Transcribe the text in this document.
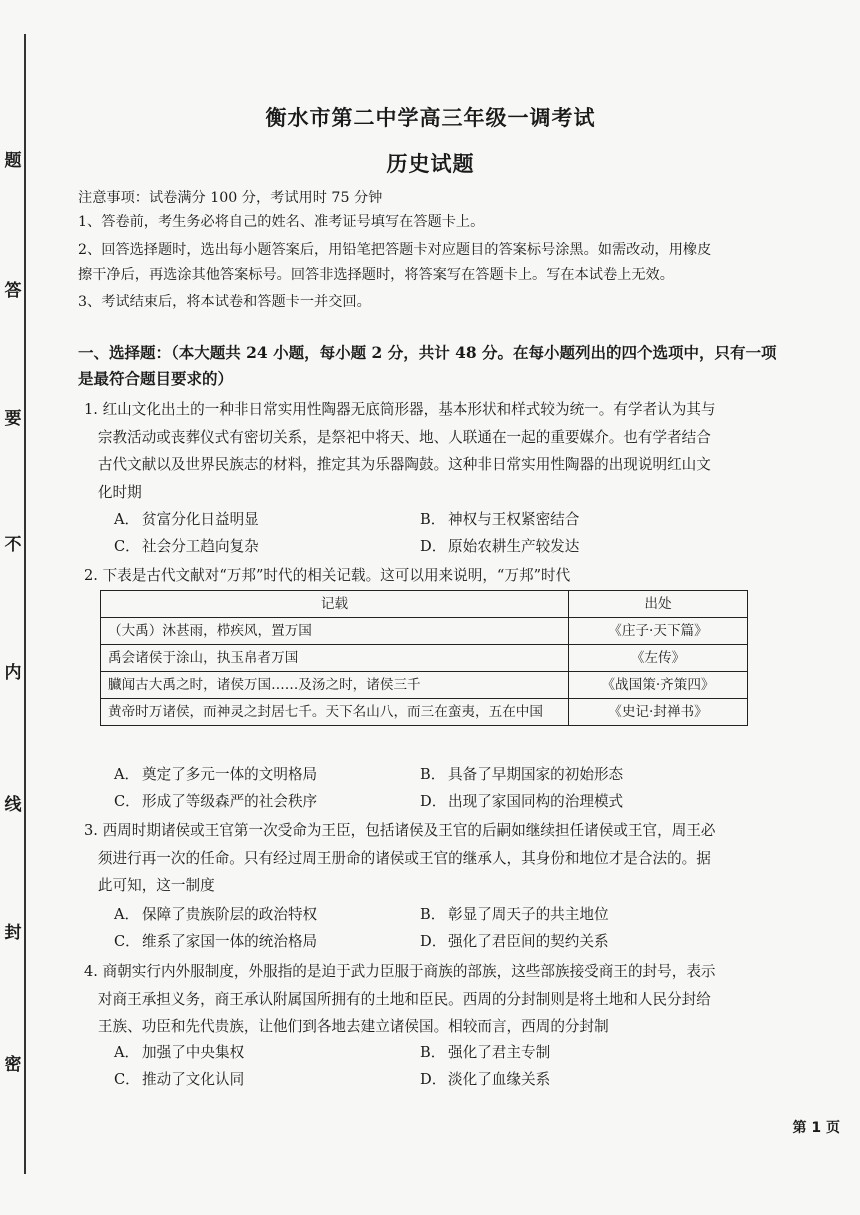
题
答
要
不
内
线
封
密
衡水市第二中学高三年级一调考试
历史试题
注意事项：试卷满分 100 分，考试用时 75 分钟
1、答卷前，考生务必将自己的姓名、准考证号填写在答题卡上。
2、回答选择题时，选出每小题答案后，用铅笔把答题卡对应题目的答案标号涂黑。如需改动，用橡皮
擦干净后，再选涂其他答案标号。回答非选择题时，将答案写在答题卡上。写在本试卷上无效。
3、考试结束后，将本试卷和答题卡一并交回。
一、选择题：（本大题共 24 小题，每小题 2 分，共计 48 分。在每小题列出的四个选项中，只有一项
是最符合题目要求的）
1. 红山文化出土的一种非日常实用性陶器无底筒形器，基本形状和样式较为统一。有学者认为其与
宗教活动或丧葬仪式有密切关系，是祭祀中将天、地、人联通在一起的重要媒介。也有学者结合
古代文献以及世界民族志的材料，推定其为乐器陶鼓。这种非日常实用性陶器的出现说明红山文
化时期
A． 贫富分化日益明显	B． 神权与王权紧密结合
C． 社会分工趋向复杂	D． 原始农耕生产较发达
2. 下表是古代文献对“万邦”时代的相关记载。这可以用来说明，“万邦”时代
记载	出处
（大禹）沐甚雨，栉疾风，置万国	《庄子·天下篇》
禹会诸侯于涂山，执玉帛者万国	《左传》
臓闻古大禹之时，诸侯万国……及汤之时，诸侯三千	《战国策·齐策四》
黄帝时万诸侯，而神灵之封居七千。天下名山八，而三在蛮夷，五在中国	《史记·封禅书》
A． 奠定了多元一体的文明格局	B． 具备了早期国家的初始形态
C． 形成了等级森严的社会秩序	D． 出现了家国同构的治理模式
3. 西周时期诸侯或王官第一次受命为王臣，包括诸侯及王官的后嗣如继续担任诸侯或王官，周王必
须进行再一次的任命。只有经过周王册命的诸侯或王官的继承人，其身份和地位才是合法的。据
此可知，这一制度
A． 保障了贵族阶层的政治特权	B． 彰显了周天子的共主地位
C． 维系了家国一体的统治格局	D． 强化了君臣间的契约关系
4. 商朝实行内外服制度，外服指的是迫于武力臣服于商族的部族，这些部族接受商王的封号，表示
对商王承担义务，商王承认附属国所拥有的土地和臣民。西周的分封制则是将土地和人民分封给
王族、功臣和先代贵族，让他们到各地去建立诸侯国。相较而言，西周的分封制
A． 加强了中央集权	B． 强化了君主专制
C． 推动了文化认同	D． 淡化了血缘关系
第 1 页
